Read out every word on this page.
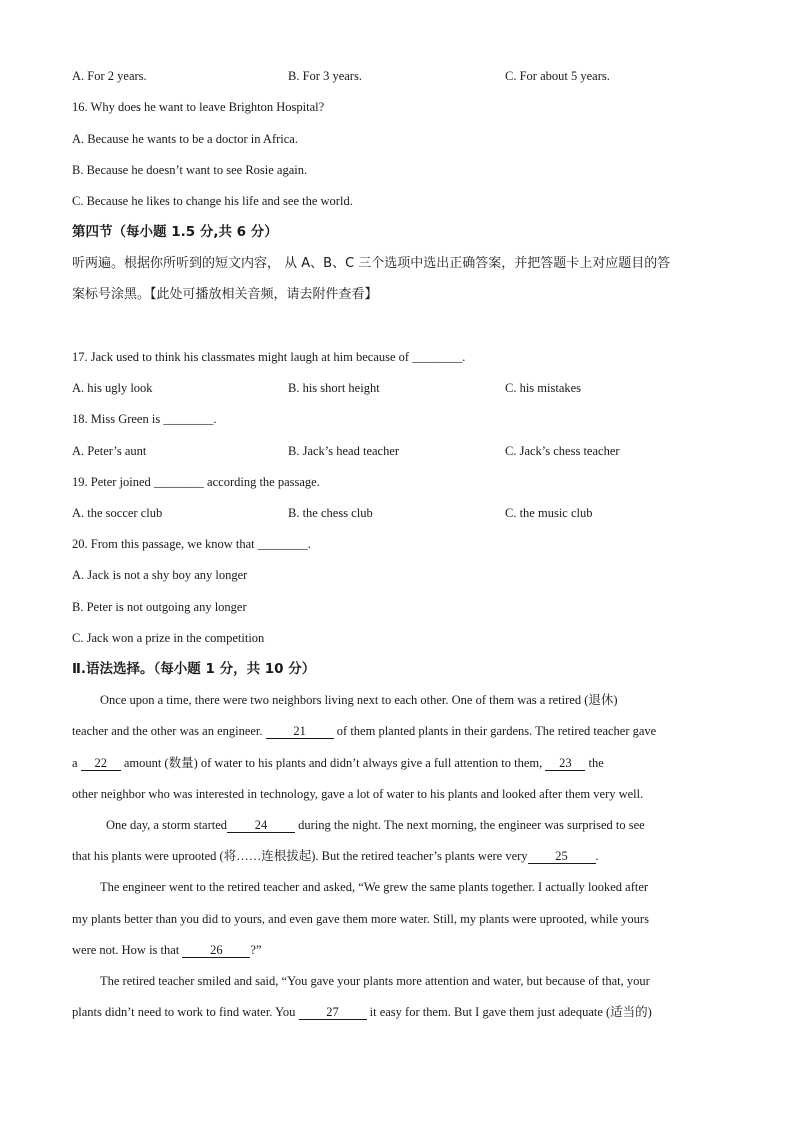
A. For 2 years.	B. For 3 years.	C. For about 5 years.
16. Why does he want to leave Brighton Hospital?
A. Because he wants to be a doctor in Africa.
B. Because he doesn’t want to see Rosie again.
C. Because he likes to change his life and see the world.
第四节（每小题 1.5 分,共 6 分）
听两遍。根据你所听到的短文内容， 从 A、B、C 三个选项中选出正确答案，并把答题卡上对应题目的答
案标号涂黑。【此处可播放相关音频，请去附件查看】
17. Jack used to think his classmates might laugh at him because of ________.
A. his ugly look	B. his short height	C. his mistakes
18. Miss Green is ________.
A. Peter’s aunt	B. Jack’s head teacher	C. Jack’s chess teacher
19. Peter joined ________ according the passage.
A. the soccer club	B. the chess club	C. the music club
20. From this passage, we know that ________.
A. Jack is not a shy boy any longer
B. Peter is not outgoing any longer
C. Jack won a prize in the competition
Ⅱ.语法选择。（每小题 1 分，共 10 分）
Once upon a time, there were two neighbors living next to each other. One of them was a retired (退休)
teacher and the other was an engineer. 21 of them planted plants in their gardens. The retired teacher gave
a 22 amount (数量) of water to his plants and didn’t always give a full attention to them, 23 the
other neighbor who was interested in technology, gave a lot of water to his plants and looked after them very well.
One day, a storm started 24 during the night. The next morning, the engineer was surprised to see
that his plants were uprooted (将……连根拔起). But the retired teacher’s plants were very 25 .
The engineer went to the retired teacher and asked, “We grew the same plants together. I actually looked after
my plants better than you did to yours, and even gave them more water. Still, my plants were uprooted, while yours
were not. How is that 26 ?”
The retired teacher smiled and said, “You gave your plants more attention and water, but because of that, your
plants didn’t need to work to find water. You 27 it easy for them. But I gave them just adequate (适当的)
